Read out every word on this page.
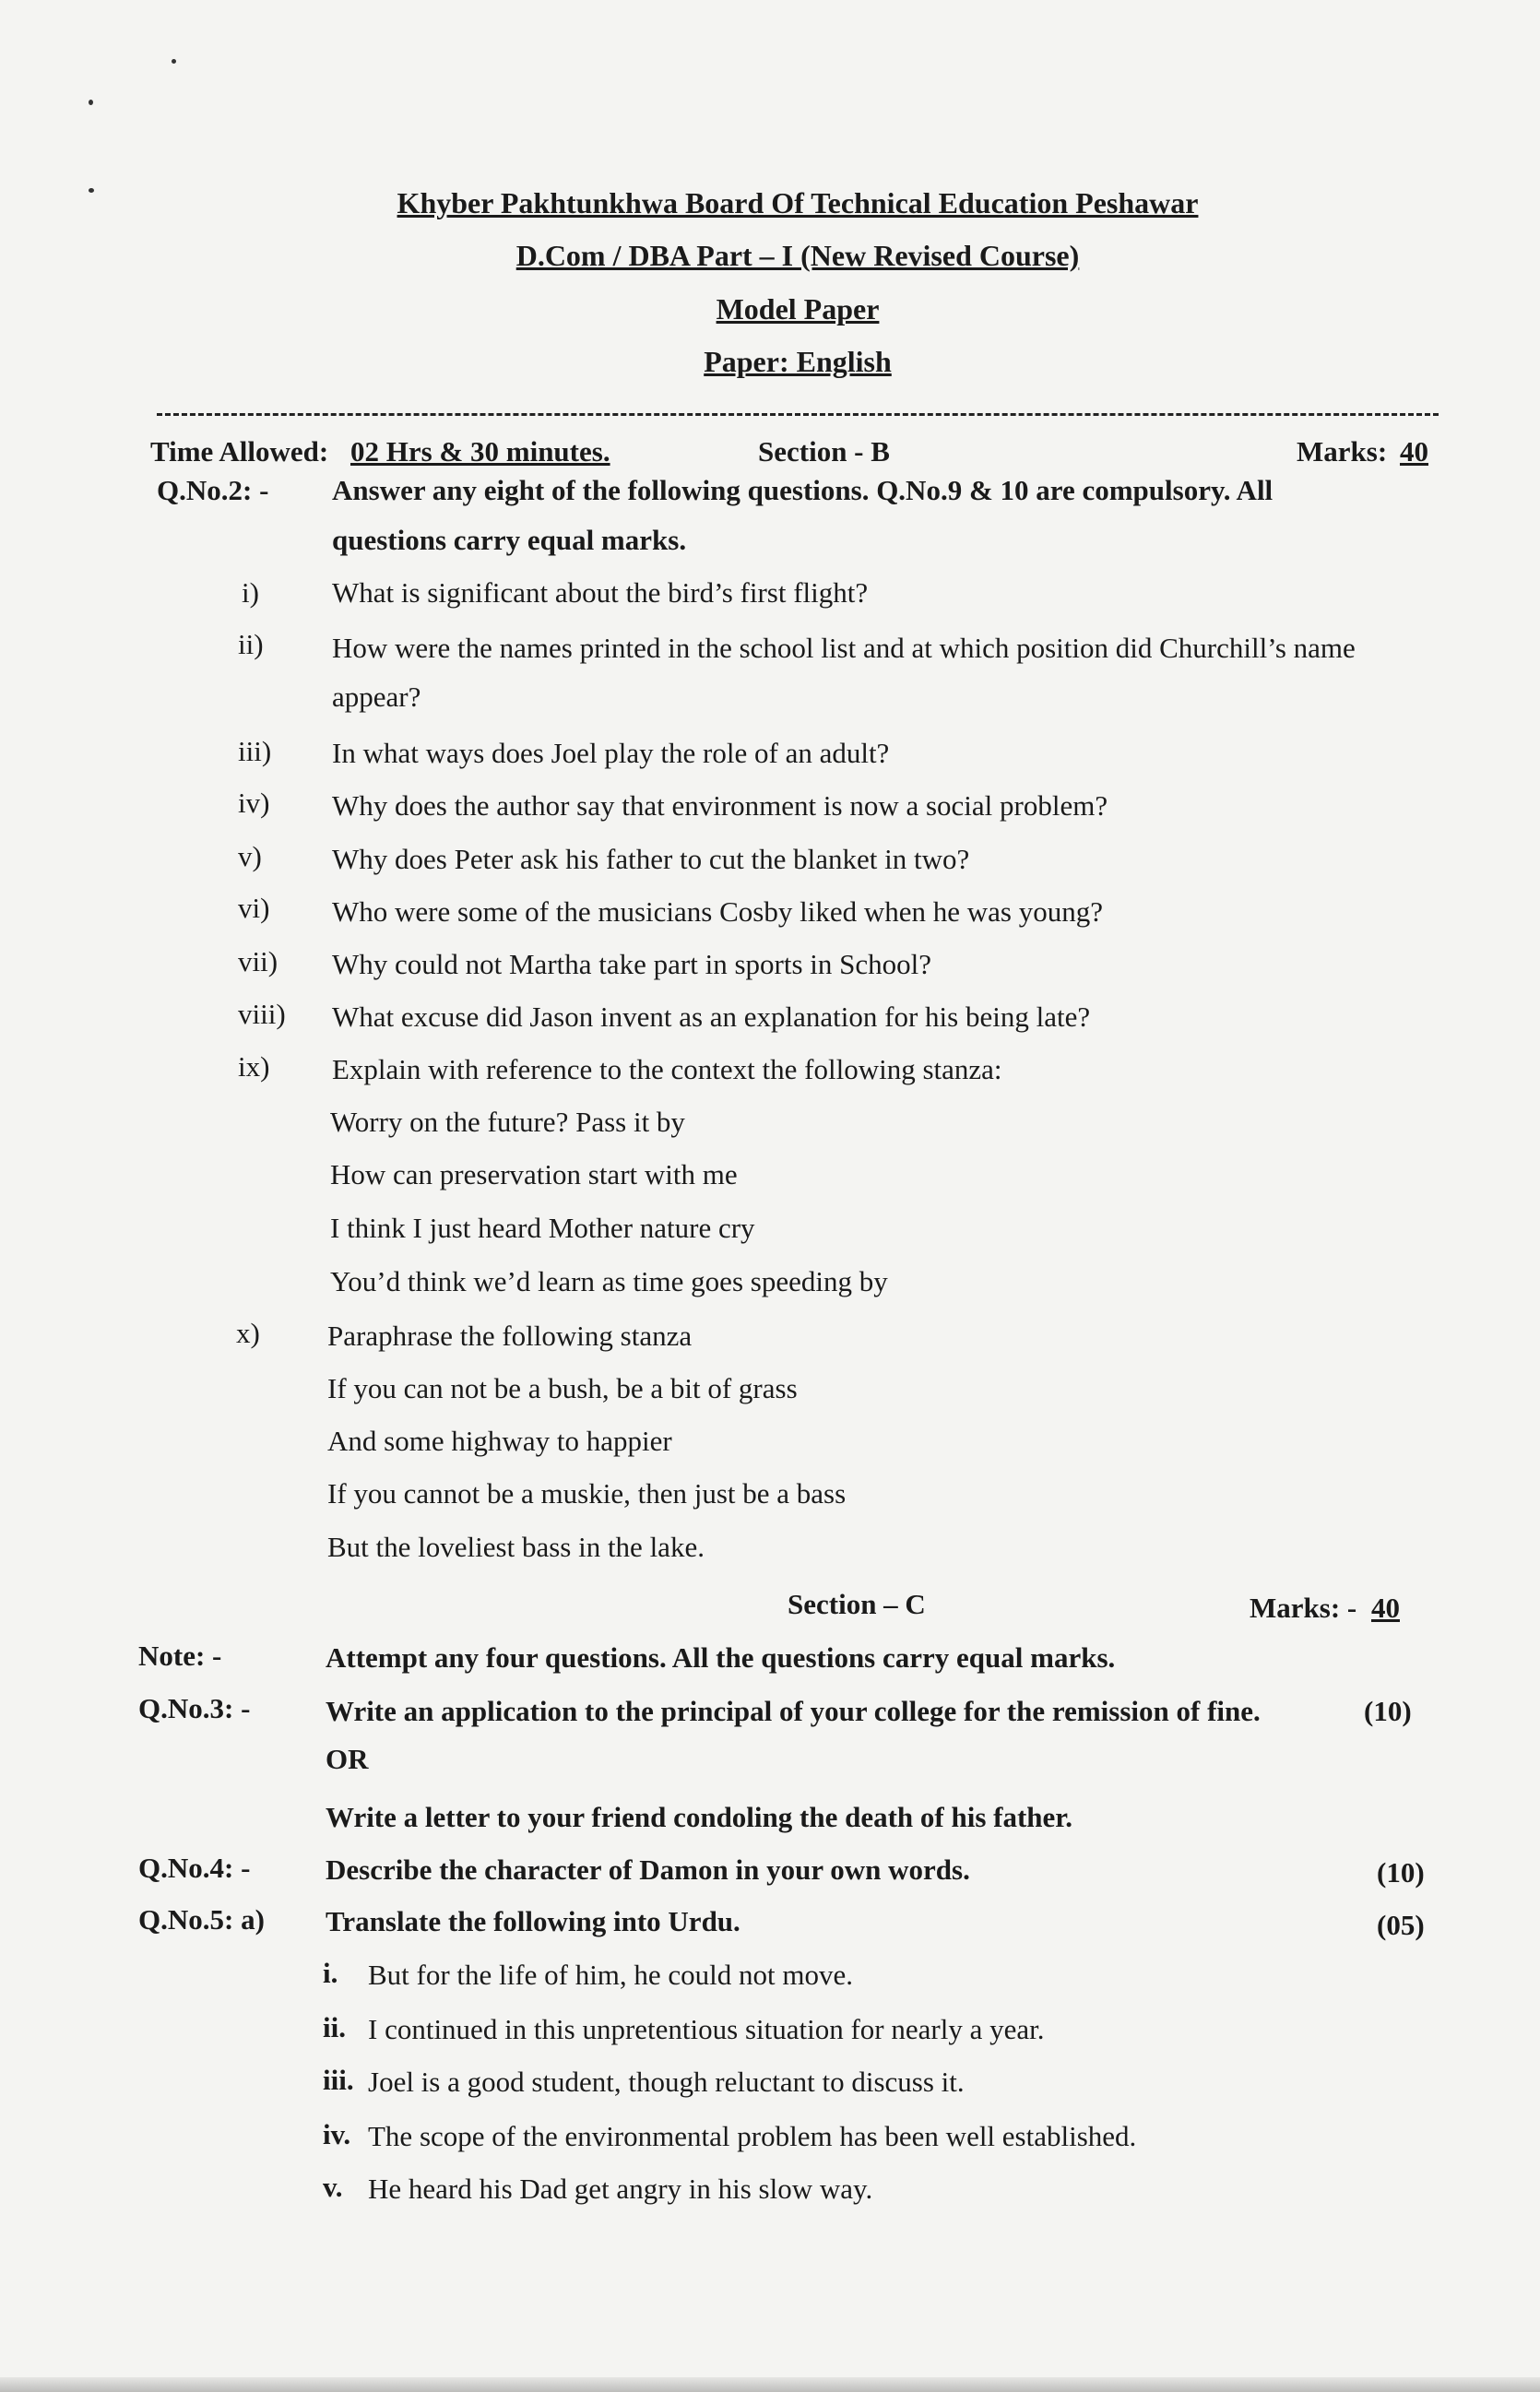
Khyber Pakhtunkhwa Board Of Technical Education Peshawar
D.Com / DBA Part – I (New Revised Course)
Model Paper
Paper: English
Time Allowed: 02 Hrs & 30 minutes.	Section - B	Marks: 40
Q.No.2: - Answer any eight of the following questions. Q.No.9 & 10 are compulsory. All
questions carry equal marks.
i)	What is significant about the bird’s first flight?
ii) How were the names printed in the school list and at which position did Churchill’s name
appear?
iii) In what ways does Joel play the role of an adult?
iv) Why does the author say that environment is now a social problem?
v) Why does Peter ask his father to cut the blanket in two?
vi) Who were some of the musicians Cosby liked when he was young?
vii) Why could not Martha take part in sports in School?
viii) What excuse did Jason invent as an explanation for his being late?
ix) Explain with reference to the context the following stanza:
Worry on the future? Pass it by
How can preservation start with me
I think I just heard Mother nature cry
You’d think we’d learn as time goes speeding by
x) Paraphrase the following stanza
If you can not be a bush, be a bit of grass
And some highway to happier
If you cannot be a muskie, then just be a bass
But the loveliest bass in the lake.
Section – C	Marks: - 40
Note: -	Attempt any four questions. All the questions carry equal marks.
Q.No.3: -	Write an application to the principal of your college for the remission of fine.	(10)
OR
Write a letter to your friend condoling the death of his father.
Q.No.4: -	Describe the character of Damon in your own words.	(10)
Q.No.5: a) Translate the following into Urdu.	(05)
i. But for the life of him, he could not move.
ii. I continued in this unpretentious situation for nearly a year.
iii. Joel is a good student, though reluctant to discuss it.
iv. The scope of the environmental problem has been well established.
v. He heard his Dad get angry in his slow way.
